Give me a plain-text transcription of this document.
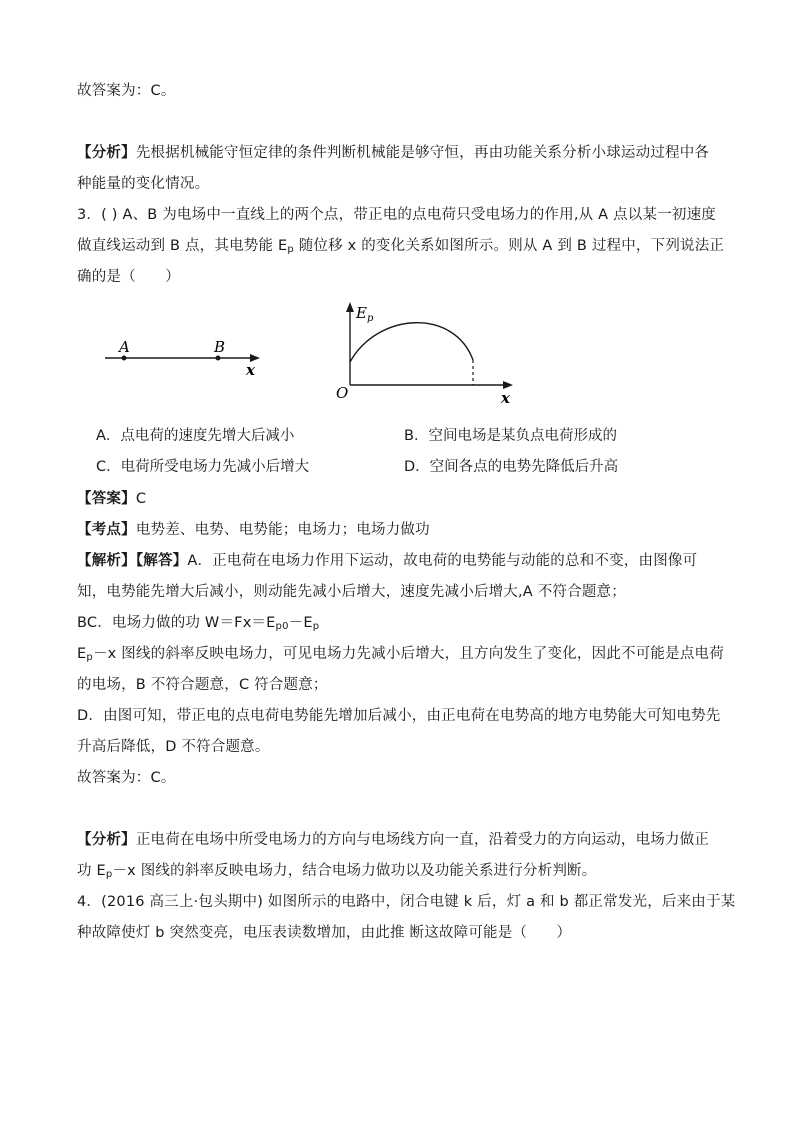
故答案为：C。
【分析】先根据机械能守恒定律的条件判断机械能是够守恒，再由功能关系分析小球运动过程中各
种能量的变化情况。
3．( ) A、B 为电场中一直线上的两个点，带正电的点电荷只受电场力的作用,从 A 点以某一初速度
做直线运动到 B 点，其电势能 $E_p$ 随位移 x 的变化关系如图所示。则从 A 到 B 过程中，下列说法正
确的是（　　）
A	B
x
$E_p$
O	x
A．点电荷的速度先增大后减小	B．空间电场是某负点电荷形成的
C．电荷所受电场力先减小后增大	D．空间各点的电势先降低后升高
【答案】C
【考点】电势差、电势、电势能；电场力；电场力做功
【解析】【解答】A．正电荷在电场力作用下运动，故电荷的电势能与动能的总和不变，由图像可
知，电势能先增大后减小，则动能先减小后增大，速度先减小后增大,A 不符合题意；
BC．电场力做的功 $W=Fx=E_{p0}-E_p$
$E_p-x$ 图线的斜率反映电场力，可见电场力先减小后增大，且方向发生了变化，因此不可能是点电荷
的电场，B 不符合题意，C 符合题意；
D．由图可知，带正电的点电荷电势能先增加后减小，由正电荷在电势高的地方电势能大可知电势先
升高后降低，D 不符合题意。
故答案为：C。
【分析】正电荷在电场中所受电场力的方向与电场线方向一直，沿着受力的方向运动，电场力做正
功 $E_p-x$ 图线的斜率反映电场力，结合电场力做功以及功能关系进行分析判断。
4．(2016 高三上·包头期中) 如图所示的电路中，闭合电键 k 后，灯 a 和 b 都正常发光，后来由于某
种故障使灯 b 突然变亮，电压表读数增加，由此推 断这故障可能是（　　）
